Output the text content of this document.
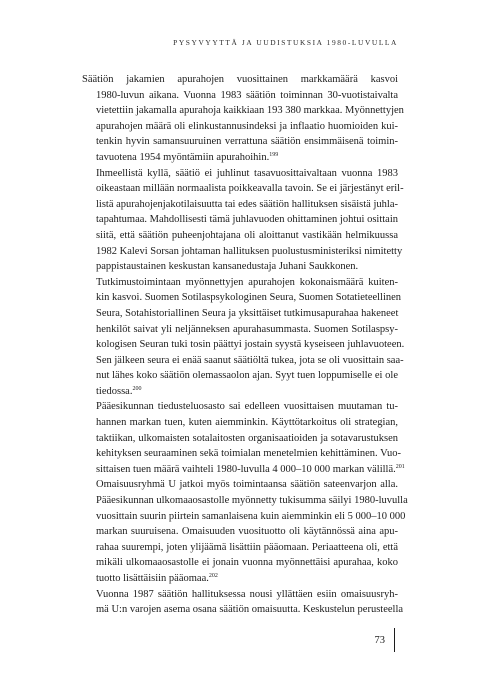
PYSYVYYTTÄ JA UUDISTUKSIA 1980-LUVULLA

Säätiön jakamien apurahojen vuosittainen markkamäärä kasvoi
1980-luvun aikana. Vuonna 1983 säätiön toiminnan 30-vuotistaivalta
vietettiin jakamalla apurahoja kaikkiaan 193 380 markkaa. Myönnettyjen
apurahojen määrä oli elinkustannusindeksi ja inflaatio huomioiden kui-
tenkin hyvin samansuuruinen verrattuna säätiön ensimmäisenä toimin-
tavuotena 1954 myöntämiin apurahoihin.$^{199}$

Ihmeellistä kyllä, säätiö ei juhlinut tasavuosittaivaltaan vuonna 1983
oikeastaan millään normaalista poikkeavalla tavoin. Se ei järjestänyt eril-
listä apurahojenjakotilaisuutta tai edes säätiön hallituksen sisäistä juhla-
tapahtumaa. Mahdollisesti tämä juhlavuoden ohittaminen johtui osittain
siitä, että säätiön puheenjohtajana oli aloittanut vastikään helmikuussa
1982 Kalevi Sorsan johtaman hallituksen puolustusministeriksi nimitetty
pappistaustainen keskustan kansanedustaja Juhani Saukkonen.

Tutkimustoimintaan myönnettyjen apurahojen kokonaismäärä kuiten-
kin kasvoi. Suomen Sotilaspsykologinen Seura, Suomen Sotatieteellinen
Seura, Sotahistoriallinen Seura ja yksittäiset tutkimusapurahaa hakeneet
henkilöt saivat yli neljänneksen apurahasummasta. Suomen Sotilaspsy-
kologisen Seuran tuki tosin päättyi jostain syystä kyseiseen juhlavuoteen.
Sen jälkeen seura ei enää saanut säätiöltä tukea, jota se oli vuosittain saa-
nut lähes koko säätiön olemassaolon ajan. Syyt tuen loppumiselle ei ole
tiedossa.$^{200}$

Pääesikunnan tiedusteluosasto sai edelleen vuosittaisen muutaman tu-
hannen markan tuen, kuten aiemminkin. Käyttötarkoitus oli strategian,
taktiikan, ulkomaisten sotalaitosten organisaatioiden ja sotavarustuksen
kehityksen seuraaminen sekä toimialan menetelmien kehittäminen. Vuo-
sittaisen tuen määrä vaihteli 1980-luvulla 4 000–10 000 markan välillä.$^{201}$

Omaisuusryhmä U jatkoi myös toimintaansa säätiön sateenvarjon alla.
Pääesikunnan ulkomaaosastolle myönnetty tukisumma säilyi 1980-luvulla
vuosittain suurin piirtein samanlaisena kuin aiemminkin eli 5 000–10 000
markan suuruisena. Omaisuuden vuosituotto oli käytännössä aina apu-
rahaa suurempi, joten ylijäämä lisättiin pääomaan. Periaatteena oli, että
mikäli ulkomaaosastolle ei jonain vuonna myönnettäisi apurahaa, koko
tuotto lisättäisiin pääomaa.$^{202}$

Vuonna 1987 säätiön hallituksessa nousi yllättäen esiin omaisuusryh-
mä U:n varojen asema osana säätiön omaisuutta. Keskustelun perusteella

73
